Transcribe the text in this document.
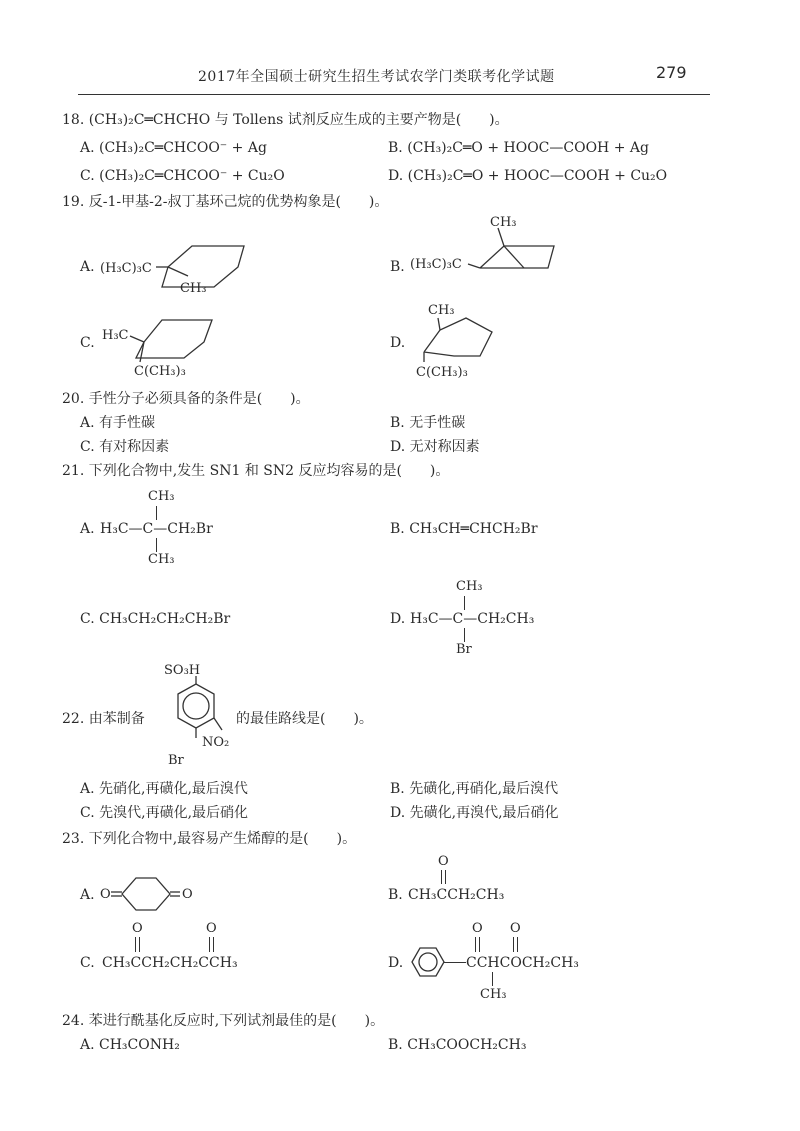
2017年全国硕士研究生招生考试农学门类联考化学试题	279
18. (CH₃)₂C═CHCHO 与 Tollens 试剂反应生成的主要产物是(　　)。
A. (CH₃)₂C═CHCOO⁻ + Ag	B. (CH₃)₂C═O + HOOC—COOH + Ag
C. (CH₃)₂C═CHCOO⁻ + Cu₂O	D. (CH₃)₂C═O + HOOC—COOH + Cu₂O
19. 反-1-甲基-2-叔丁基环己烷的优势构象是(　　)。
A. (H₃C)₃C
CH₃
B. (H₃C)₃C
CH₃
C. H₃C
C(CH₃)₃
D.
CH₃
C(CH₃)₃
20. 手性分子必须具备的条件是(　　)。
A. 有手性碳	B. 无手性碳
C. 有对称因素	D. 无对称因素
21. 下列化合物中,发生 SN1 和 SN2 反应均容易的是(　　)。
A.
CH₃
H₃C—C—CH₂Br
CH₃
B. CH₃CH═CHCH₂Br
C. CH₃CH₂CH₂CH₂Br	D.
CH₃
H₃C—C—CH₂CH₃
Br
22. 由苯制备
SO₃H
NO₂
Br
的最佳路线是(　　)。
A. 先硝化,再磺化,最后溴代	B. 先磺化,再硝化,最后溴代
C. 先溴代,再磺化,最后硝化	D. 先磺化,再溴代,最后硝化
23. 下列化合物中,最容易产生烯醇的是(　　)。
A. O	O	B.
O
CH₃CCH₂CH₃
C.
O	O
CH₃CCH₂CH₂CCH₃	D.
O O
CCHCOCH₂CH₃
CH₃
24. 苯进行酰基化反应时,下列试剂最佳的是(　　)。
A. CH₃CONH₂	B. CH₃COOCH₂CH₃
